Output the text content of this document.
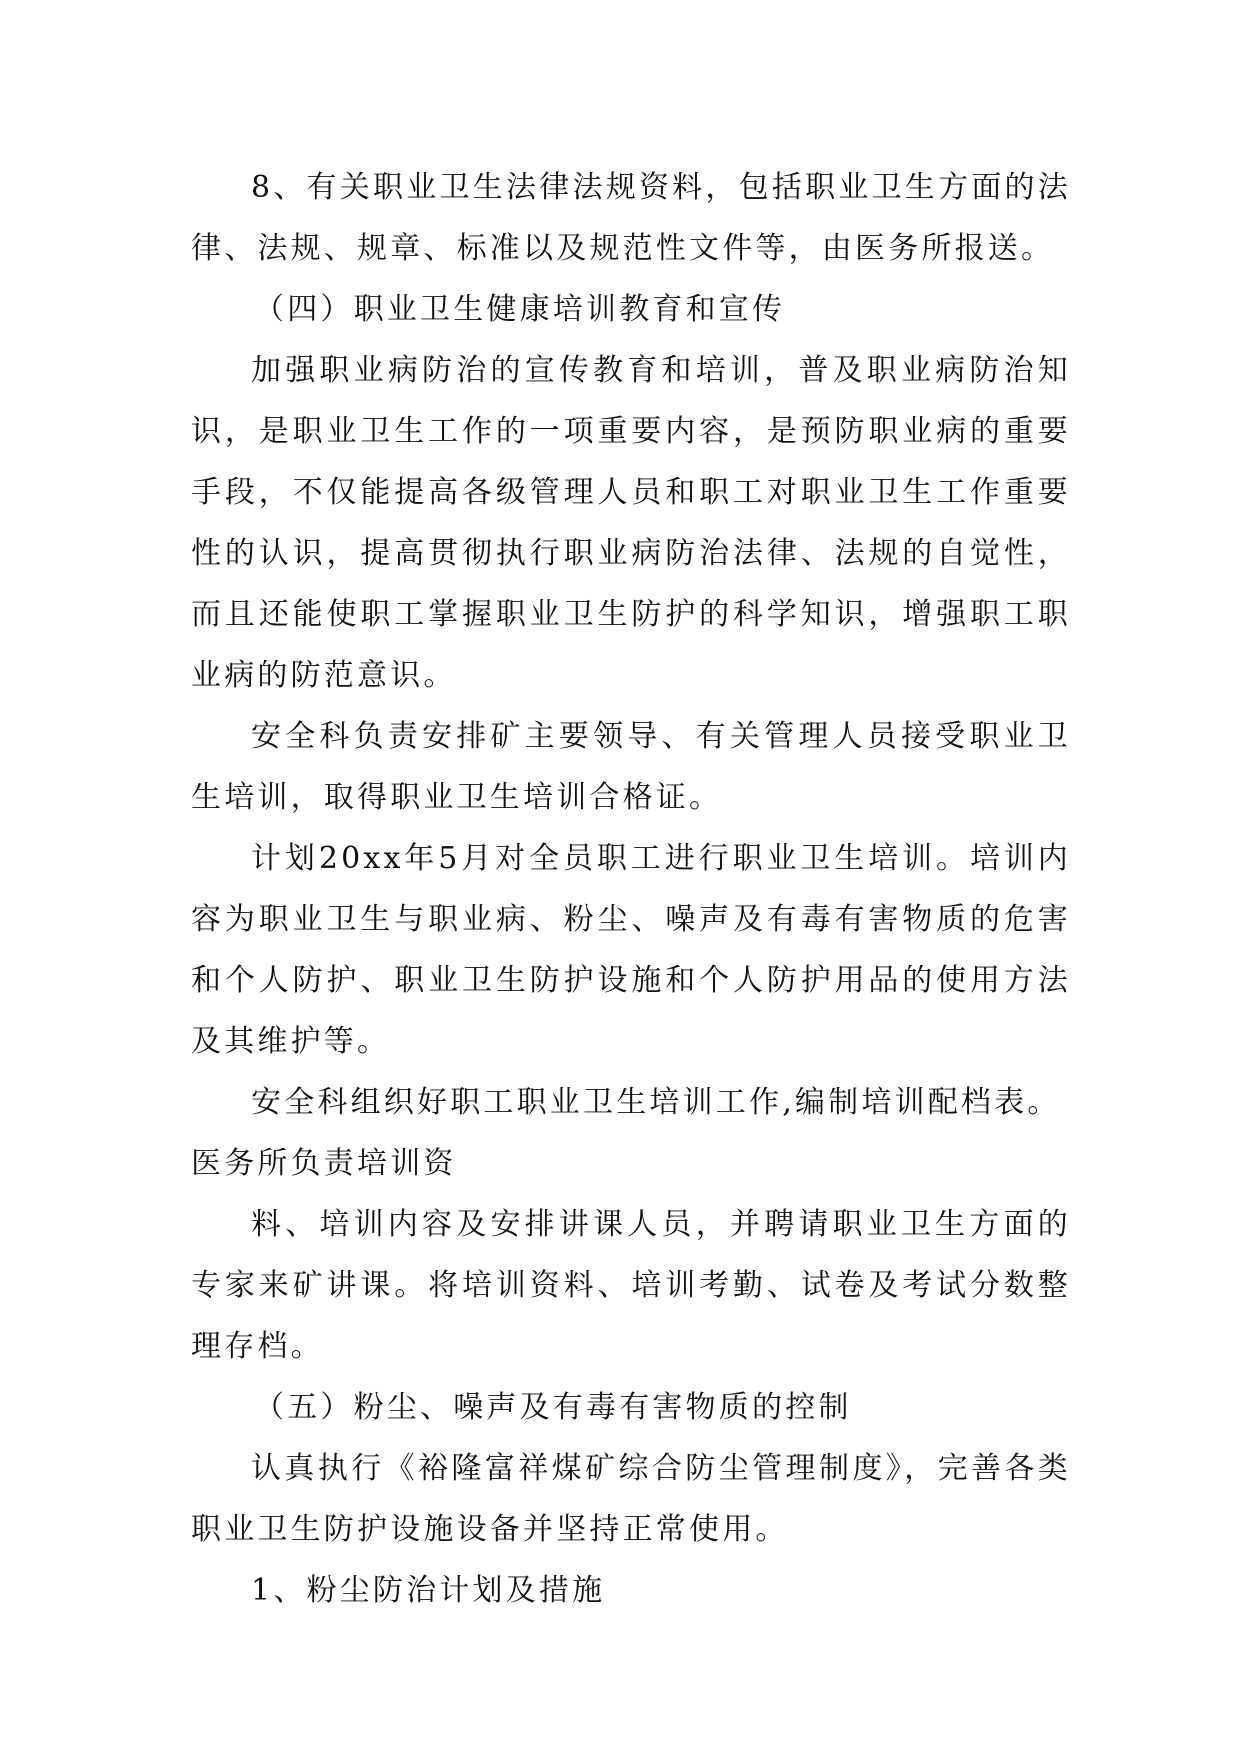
8、有关职业卫生法律法规资料，包括职业卫生方面的法律、法规、规章、标准以及规范性文件等，由医务所报送。

（四）职业卫生健康培训教育和宣传

加强职业病防治的宣传教育和培训，普及职业病防治知识，是职业卫生工作的一项重要内容，是预防职业病的重要手段，不仅能提高各级管理人员和职工对职业卫生工作重要性的认识，提高贯彻执行职业病防治法律、法规的自觉性，而且还能使职工掌握职业卫生防护的科学知识，增强职工职业病的防范意识。

安全科负责安排矿主要领导、有关管理人员接受职业卫生培训，取得职业卫生培训合格证。

计划20xx年5月对全员职工进行职业卫生培训。培训内容为职业卫生与职业病、粉尘、噪声及有毒有害物质的危害和个人防护、职业卫生防护设施和个人防护用品的使用方法及其维护等。

安全科组织好职工职业卫生培训工作,编制培训配档表。

医务所负责培训资

料、培训内容及安排讲课人员，并聘请职业卫生方面的专家来矿讲课。将培训资料、培训考勤、试卷及考试分数整理存档。

（五）粉尘、噪声及有毒有害物质的控制

认真执行《裕隆富祥煤矿综合防尘管理制度》，完善各类职业卫生防护设施设备并坚持正常使用。

1、粉尘防治计划及措施
